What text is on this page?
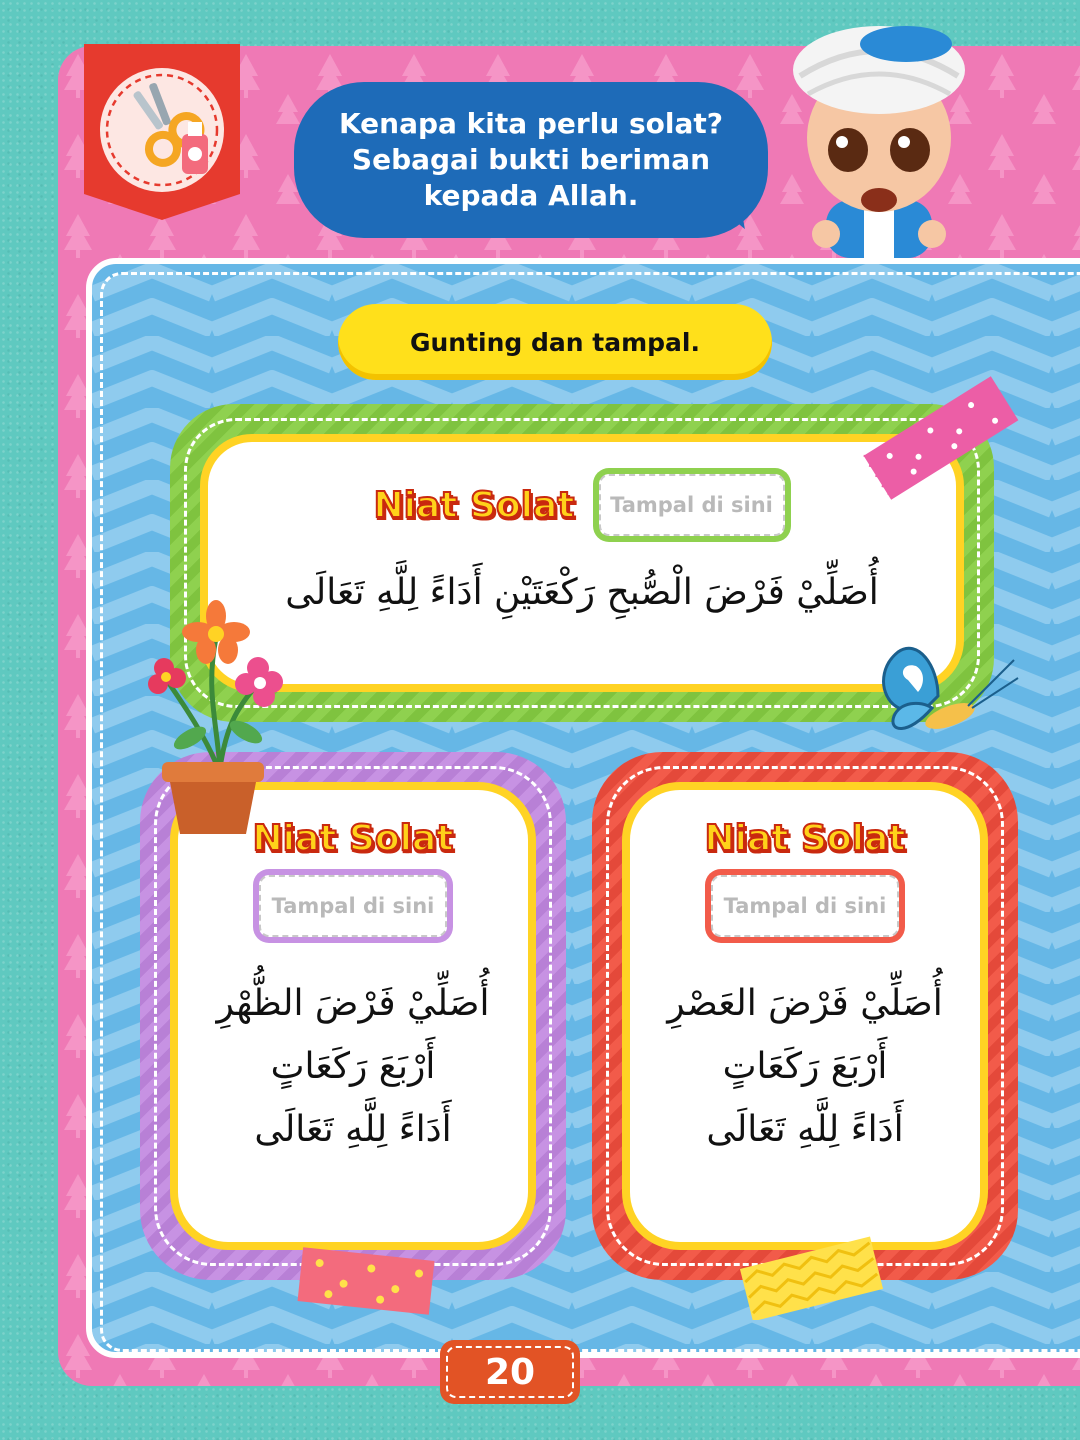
Kenapa kita perlu solat?
Sebagai bukti beriman
kepada Allah.
Gunting dan tampal.
Niat Solat	Tampal di sini
أُصَلِّيْ فَرْضَ الْصُّبحِ رَكْعَتَيْنِ أَدَاءً لِلَّهِ تَعَالَى
Niat Solat
Tampal di sini
أُصَلِّيْ فَرْضَ الظُّهْرِ
أَرْبَعَ رَكَعَاتٍ
أَدَاءً لِلَّهِ تَعَالَى
Niat Solat
Tampal di sini
أُصَلِّيْ فَرْضَ العَصْرِ
أَرْبَعَ رَكَعَاتٍ
أَدَاءً لِلَّهِ تَعَالَى
20
